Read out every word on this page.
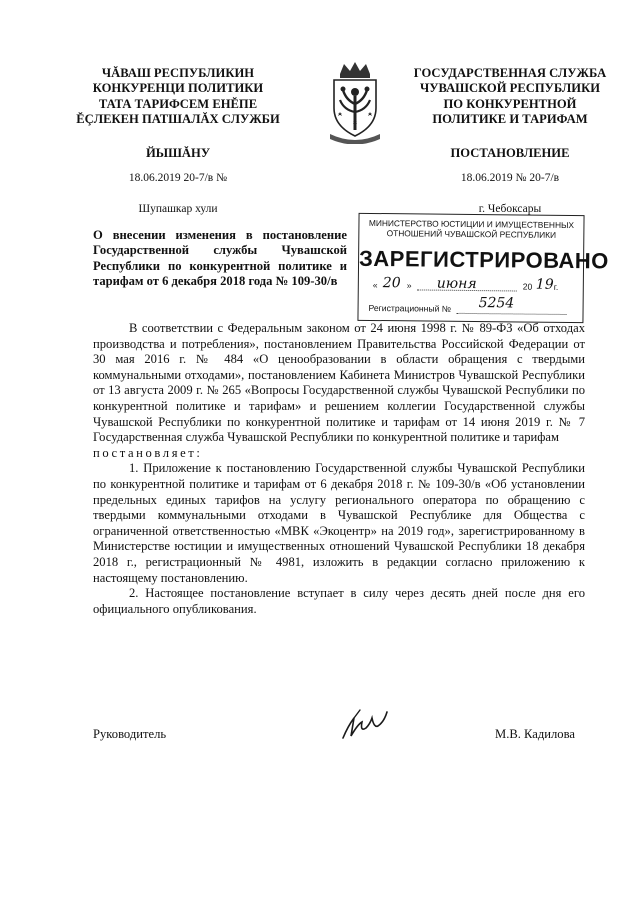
ЧĂВАШ РЕСПУБЛИКИН
КОНКУРЕНЦИ ПОЛИТИКИ
ТАТА ТАРИФСЕМ ЕНĔПЕ
ĔÇЛЕКЕН ПАТШАЛĂХ СЛУЖБИ
ЙЫШĂНУ
18.06.2019 20-7/в №
Шупашкар хули
ГОСУДАРСТВЕННАЯ СЛУЖБА
ЧУВАШСКОЙ РЕСПУБЛИКИ
ПО КОНКУРЕНТНОЙ
ПОЛИТИКЕ И ТАРИФАМ
ПОСТАНОВЛЕНИЕ
18.06.2019 № 20-7/в
г. Чебоксары
МИНИСТЕРСТВО ЮСТИЦИИ И ИМУЩЕСТВЕННЫХ
ОТНОШЕНИЙ ЧУВАШСКОЙ РЕСПУБЛИКИ
ЗАРЕГИСТРИРОВАНО
« 20 » июня	20 19 г.
Регистрационный № 5254
О внесении изменения в постановление Государственной службы Чувашской Республики по конкурентной политике и тарифам от 6 декабря 2018 года № 109-30/в

В соответствии с Федеральным законом от 24 июня 1998 г. № 89-ФЗ «Об отходах производства и потребления», постановлением Правительства Российской Федерации от 30 мая 2016 г. № 484 «О ценообразовании в области обращения с твердыми коммунальными отходами», постановлением Кабинета Министров Чувашской Республики от 13 августа 2009 г. № 265 «Вопросы Государственной службы Чувашской Республики по конкурентной политике и тарифам» и решением коллегии Государственной службы Чувашской Республики по конкурентной политике и тарифам от 14 июня 2019 г. № 7 Государственная служба Чувашской Республики по конкурентной политике и тарифам

постановляет:

1. Приложение к постановлению Государственной службы Чувашской Республики по конкурентной политике и тарифам от 6 декабря 2018 г. № 109-30/в «Об установлении предельных единых тарифов на услугу регионального оператора по обращению с твердыми коммунальными отходами в Чувашской Республике для Общества с ограниченной ответственностью «МВК «Экоцентр» на 2019 год», зарегистрированному в Министерстве юстиции и имущественных отношений Чувашской Республики 18 декабря 2018 г., регистрационный № 4981, изложить в редакции согласно приложению к настоящему постановлению.

2. Настоящее постановление вступает в силу через десять дней после дня его официального опубликования.

Руководитель	М.В. Кадилова
